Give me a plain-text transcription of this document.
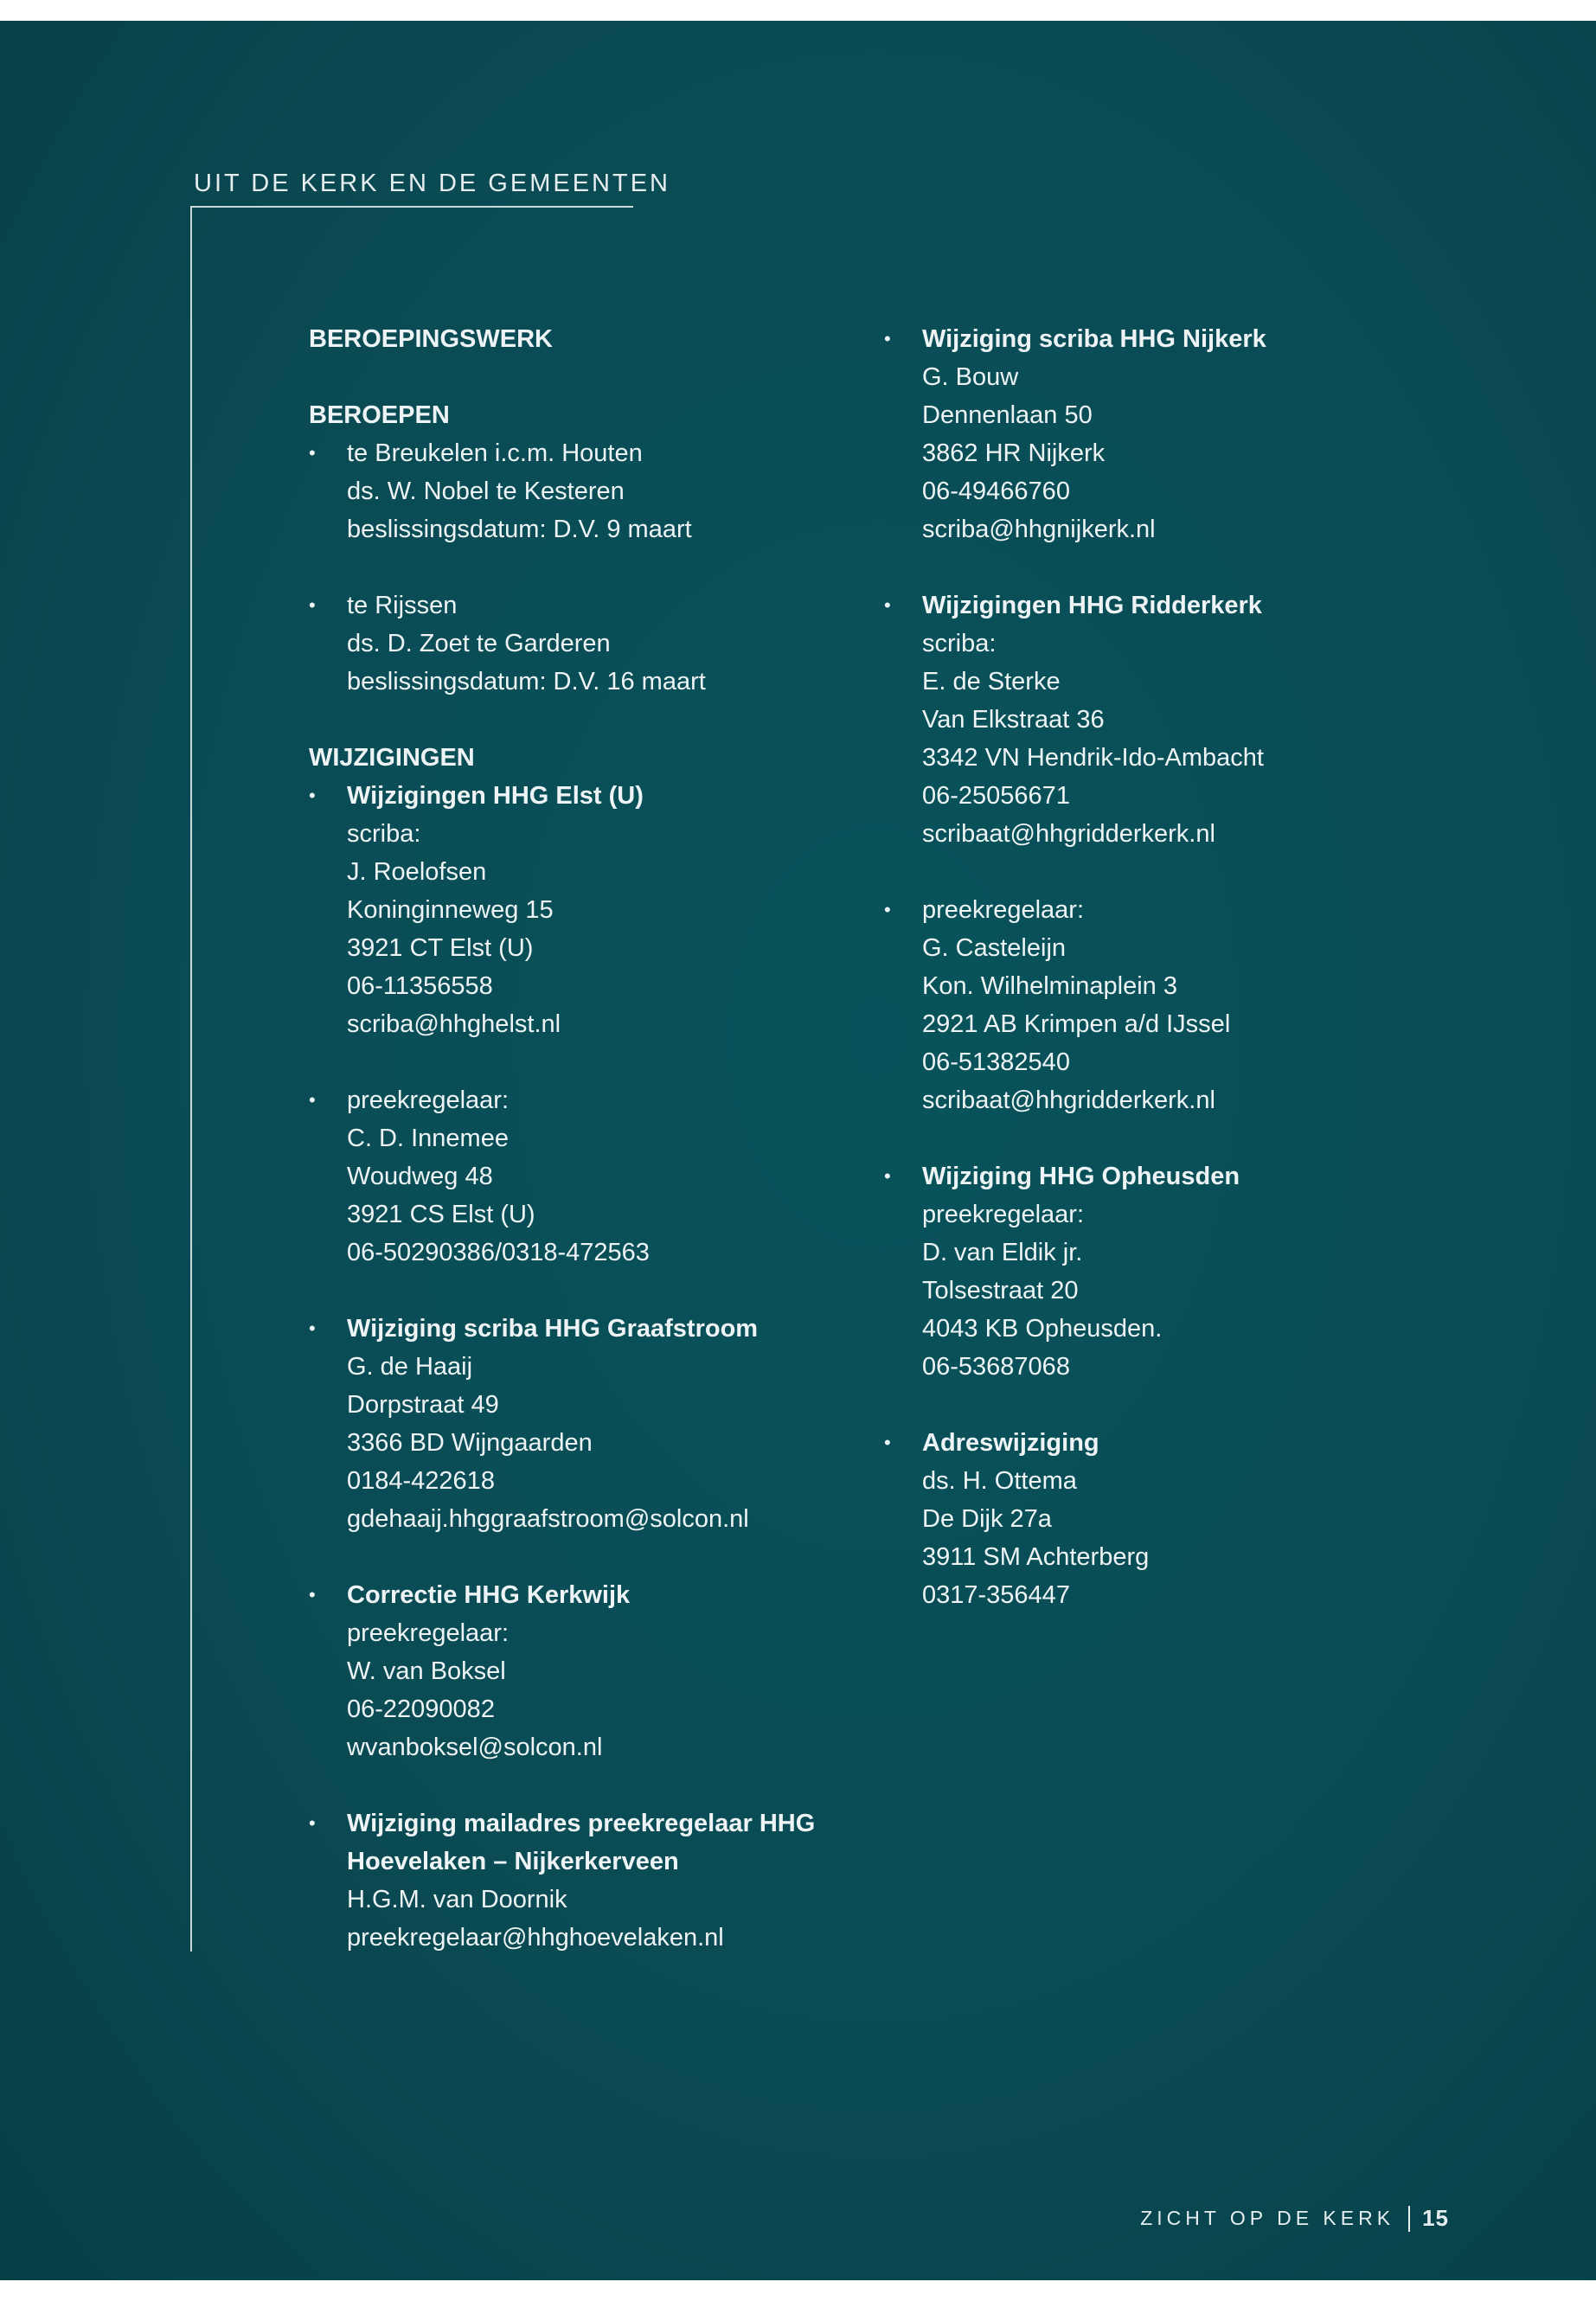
UIT DE KERK EN DE GEMEENTEN
BEROEPINGSWERK
BEROEPEN
•	te Breukelen i.c.m. Houten
ds. W. Nobel te Kesteren
beslissingsdatum: D.V. 9 maart
•	te Rijssen
ds. D. Zoet te Garderen
beslissingsdatum: D.V. 16 maart
WIJZIGINGEN
•	Wijzigingen HHG Elst (U)
scriba:
J. Roelofsen
Koninginneweg 15
3921 CT Elst (U)
06-11356558
scriba@hhghelst.nl
•	preekregelaar:
C. D. Innemee
Woudweg 48
3921 CS Elst (U)
06-50290386/0318-472563
•	Wijziging scriba HHG Graafstroom
G. de Haaij
Dorpstraat 49
3366 BD Wijngaarden
0184-422618
gdehaaij.hhggraafstroom@solcon.nl
•	Correctie HHG Kerkwijk
preekregelaar:
W. van Boksel
06-22090082
wvanboksel@solcon.nl
•	Wijziging mailadres preekregelaar HHG
Hoevelaken – Nijkerkerveen
H.G.M. van Doornik
preekregelaar@hhghoevelaken.nl
•	Wijziging scriba HHG Nijkerk
G. Bouw
Dennenlaan 50
3862 HR Nijkerk
06-49466760
scriba@hhgnijkerk.nl
•	Wijzigingen HHG Ridderkerk
scriba:
E. de Sterke
Van Elkstraat 36
3342 VN Hendrik-Ido-Ambacht
06-25056671
scribaat@hhgridderkerk.nl
•	preekregelaar:
G. Casteleijn
Kon. Wilhelminaplein 3
2921 AB Krimpen a/d IJssel
06-51382540
scribaat@hhgridderkerk.nl
•	Wijziging HHG Opheusden
preekregelaar:
D. van Eldik jr.
Tolsestraat 20
4043 KB Opheusden.
06-53687068
•	Adreswijziging
ds. H. Ottema
De Dijk 27a
3911 SM Achterberg
0317-356447
ZICHT OP DE KERK 15
